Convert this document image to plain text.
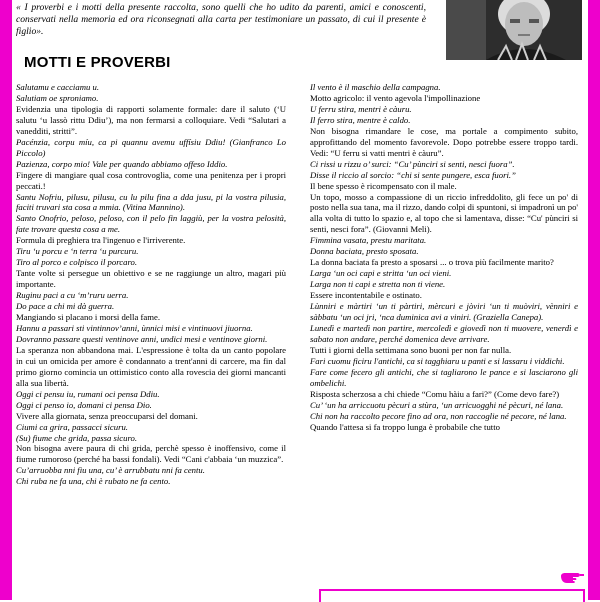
« I proverbi e i motti della presente raccolta, sono quelli che ho udito da parenti, amici e conoscenti, conservati nella memoria ed ora riconsegnati alla carta per testimoniare un passato, di cui il presente è figlio».
MOTTI E PROVERBI

Salutamu e cacciamu u.

Salutiam oe sproniamo.

Evidenzia una tipologia di rapporti solamente formale: dare il saluto (‘U salutu ‘u lassò rittu Ddiu’), ma non fermarsi a colloquiare. Vedi “Salutari a vanedditi, stritti”.

Pacénzia, corpu míu, ca pi quannu avemu uffísiu Ddiu! (Gianfranco Lo Piccolo)

Pazienza, corpo mio! Vale per quando abbiamo offeso Iddio.

Fingere di mangiare qual cosa controvoglia, come una penitenza per i propri peccati.!

Santu Nofriu, pilusu, pilusu, cu lu pilu fina a dda jusu, pi la vostra pilusia, faciti truvari sta cosa a mmia. (Vitina Mannino).

Santo Onofrio, peloso, peloso, con il pelo fin laggiù, per la vostra pelosità, fate trovare questa cosa a me.

Formula di preghiera tra l'ingenuo e l'irriverente.

Tiru ‘u porcu e ‘n terra ‘u purcuru.

Tiro al porco e colpisco il porcaro.

Tante volte si persegue un obiettivo e se ne raggiunge un altro, magari più importante.

Ruginu paci a cu ‘m’ruru uerra.

Do pace a chi mi dà guerra.

Mangiando si placano i morsi della fame.

Hannu a passari sti vintinnov’anni, ùnnici misi e vintinuovi jiuorna.

Dovranno passare questi ventinove anni, undici mesi e ventinove giorni.

La speranza non abbandona mai. L'espressione è tolta da un canto popolare in cui un omicida per amore è condannato a trent'anni di carcere, ma fin dal primo giorno comincia un ottimistico conto alla rovescia dei giorni mancanti alla sua libertà.

Oggi ci pensu iu, rumani oci pensa Ddiu.

Oggi ci penso io, domani ci pensa Dio.

Vivere alla giornata, senza preoccuparsi del domani.

Ciumi ca grira, passacci sicuru.

(Su) fiume che grida, passa sicuro.

Non bisogna avere paura di chi grida, perchè spesso è inoffensivo, come il fiume rumoroso (perché ha bassi fondali). Vedi “Cani c'abbaia ‘un muzzica”.

Cu’arruobba nni fiu una, cu’ è arrubbatu nni fa centu.

Chi ruba ne fa una, chi è rubato ne fa cento.

Il vento è il maschio della campagna.

Motto agricolo: il vento agevola l'impollinazione

U ferru stira, mentri è càuru.

Il ferro stira, mentre è caldo.

Non bisogna rimandare le cose, ma portale a compimento subito, approfittando del momento favorevole. Dopo potrebbe essere troppo tardi. Vedi: “U ferru si vatti mentri è càuru”.

Ci rissi u rizzu o’ surci: “Cu’ pùnciri si senti, nesci fuora”.

Disse il riccio al sorcio: “chi si sente pungere, esca fuori.”

Il bene spesso è ricompensato con il male.

Un topo, mosso a compassione di un riccio infreddolito, gli fece un po' di posto nella sua tana, ma il rizzo, dando colpi di spuntoni, si impadronì un po' alla volta di tutto lo spazio e, al topo che si lamentava, disse: “Cu' pùnciri si senti, nesci fora”. (Giovanni Meli).

Fimmina vasata, prestu maritata.

Donna baciata, presto sposata.

La donna baciata fa presto a sposarsi ... o trova più facilmente marito?

Larga ‘un oci capi e stritta ‘un oci vieni.

Larga non ti capi e stretta non ti viene.

Essere incontentabile e ostinato.

Lùnniri e màrtiri ‘un ti pàrtiri, mèrcuri e jòviri ‘un ti muòviri, vènniri e sàbbatu ‘un oci jri, ‘nca duminica avi a viniri. (Graziella Canepa).

Lunedì e martedì non partire, mercoledì e giovedì non ti muovere, venerdì e sabato non andare, perché domenica deve arrivare.

Tutti i giorni della settimana sono buoni per non far nulla.

Fari cuomu ficiru l'antichi, ca si tagghiaru u panti e si lassaru i viddichi.

Fare come fecero gli antichi, che si tagliarono le pance e si lasciarono gli ombelichi.

Risposta scherzosa a chi chiede “Comu hàiu a fari?” (Come devo fare?)

Cu’ ‘un ha arriccuotu pècuri a stùra, ‘un arricuogghi né pècuri, né lana.

Chi non ha raccolto pecore fino ad ora, non raccoglie né pecore, né lana.

Quando l'attesa si fa troppo lunga è probabile che tutto
